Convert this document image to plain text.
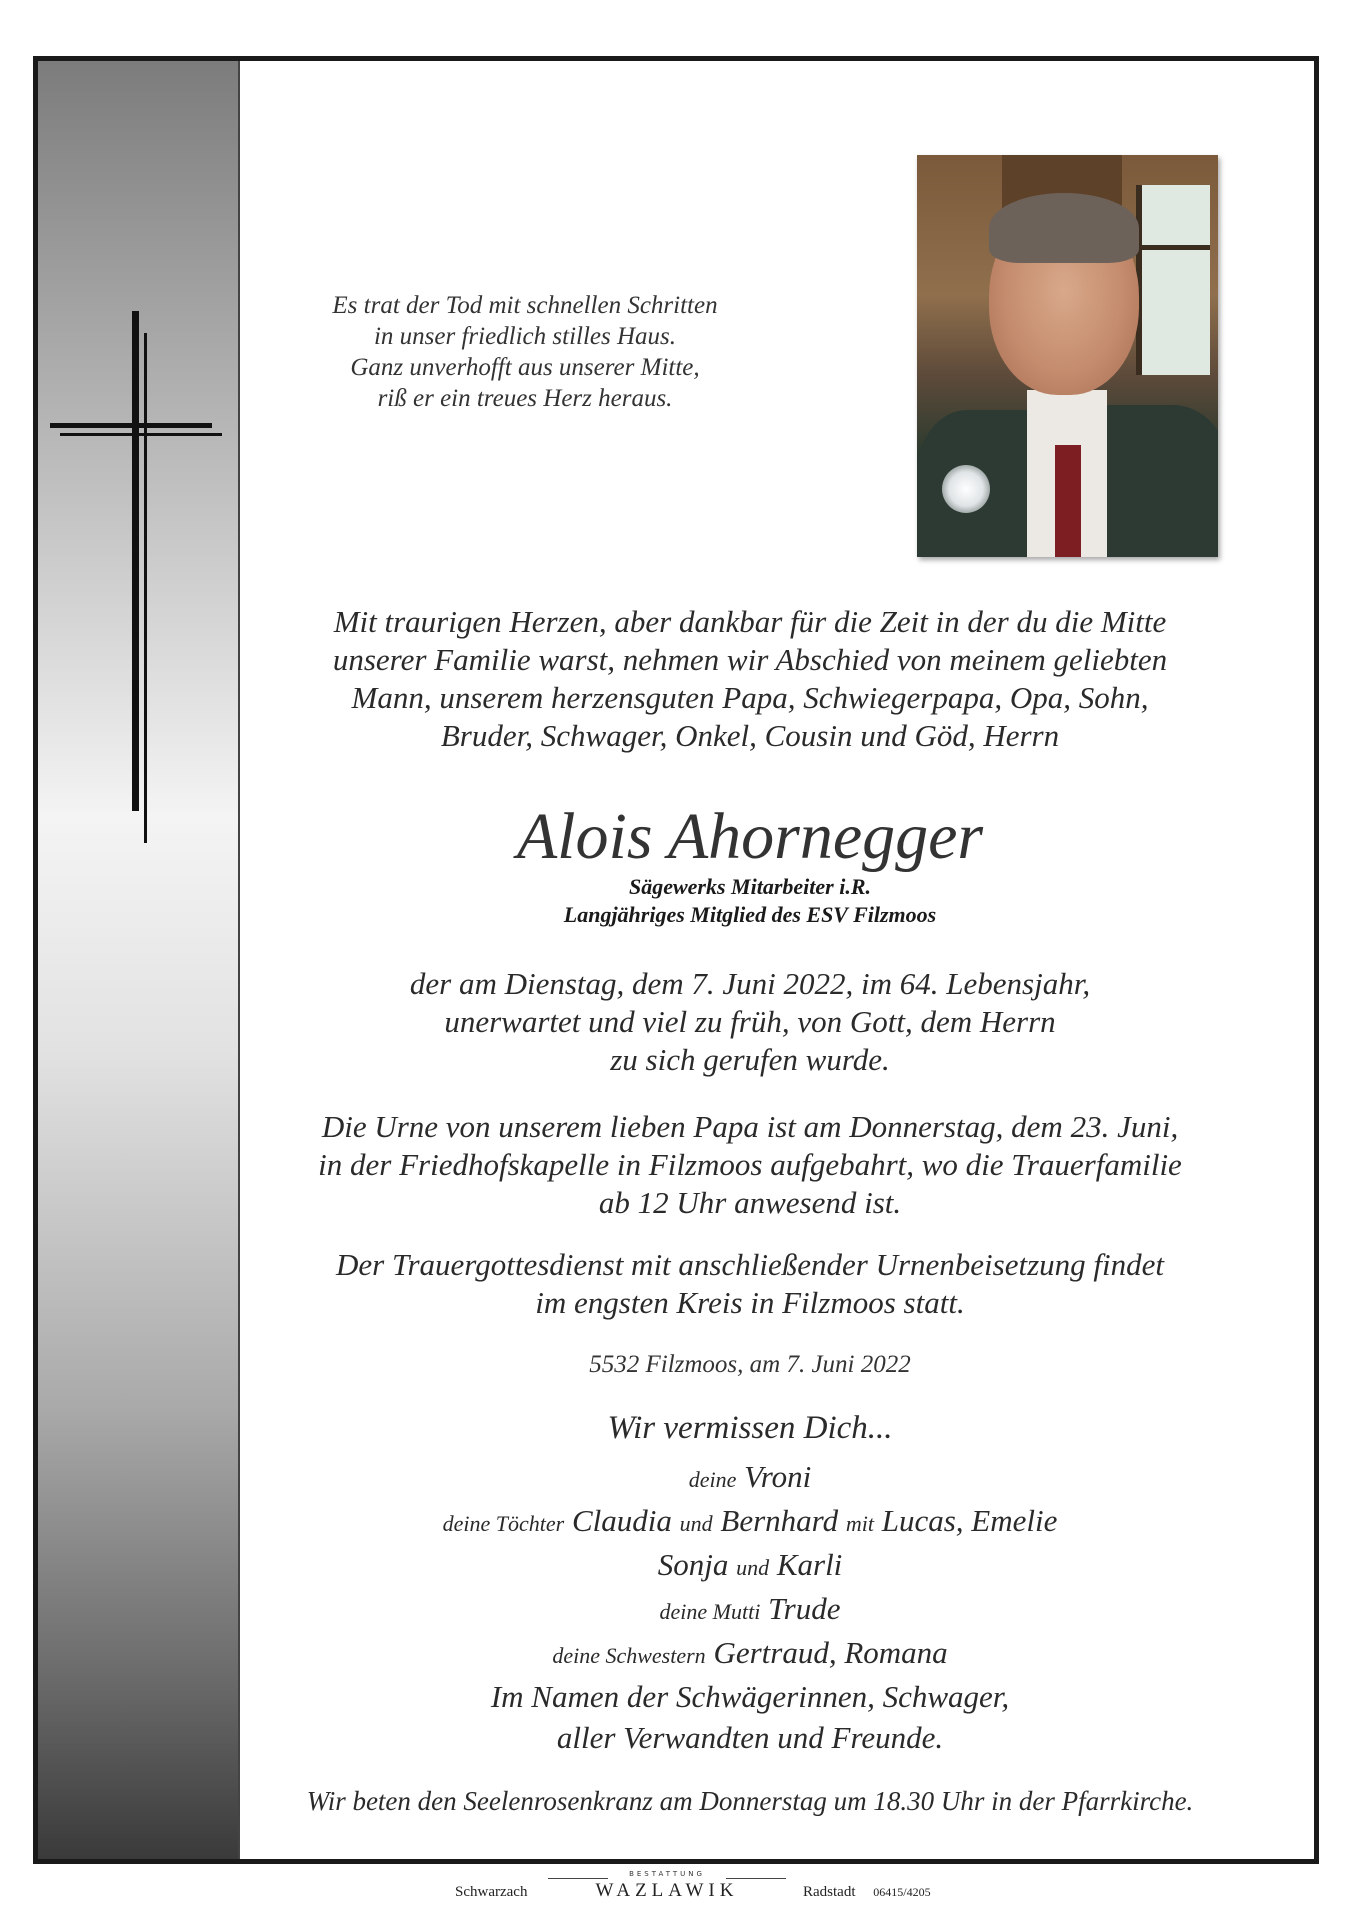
Es trat der Tod mit schnellen Schritten
in unser friedlich stilles Haus.
Ganz unverhofft aus unserer Mitte,
riß er ein treues Herz heraus.
Mit traurigen Herzen, aber dankbar für die Zeit in der du die Mitte
unserer Familie warst, nehmen wir Abschied von meinem geliebten
Mann, unserem herzensguten Papa, Schwiegerpapa, Opa, Sohn,
Bruder, Schwager, Onkel, Cousin und Göd, Herrn
Alois Ahornegger
Sägewerks Mitarbeiter i.R.
Langjähriges Mitglied des ESV Filzmoos
der am Dienstag, dem 7. Juni 2022, im 64. Lebensjahr,
unerwartet und viel zu früh, von Gott, dem Herrn
zu sich gerufen wurde.
Die Urne von unserem lieben Papa ist am Donnerstag, dem 23. Juni,
in der Friedhofskapelle in Filzmoos aufgebahrt, wo die Trauerfamilie
ab 12 Uhr anwesend ist.
Der Trauergottesdienst mit anschließender Urnenbeisetzung findet
im engsten Kreis in Filzmoos statt.
5532 Filzmoos, am 7. Juni 2022
Wir vermissen Dich...
deine Vroni
deine Töchter Claudia und Bernhard mit Lucas, Emelie
Sonja und Karli
deine Mutti Trude
deine Schwestern Gertraud, Romana
Im Namen der Schwägerinnen, Schwager,
aller Verwandten und Freunde.
Wir beten den Seelenrosenkranz am Donnerstag um 18.30 Uhr in der Pfarrkirche.
Schwarzach
BESTATTUNG
WAZLAWIK	Radstadt 06415/4205
